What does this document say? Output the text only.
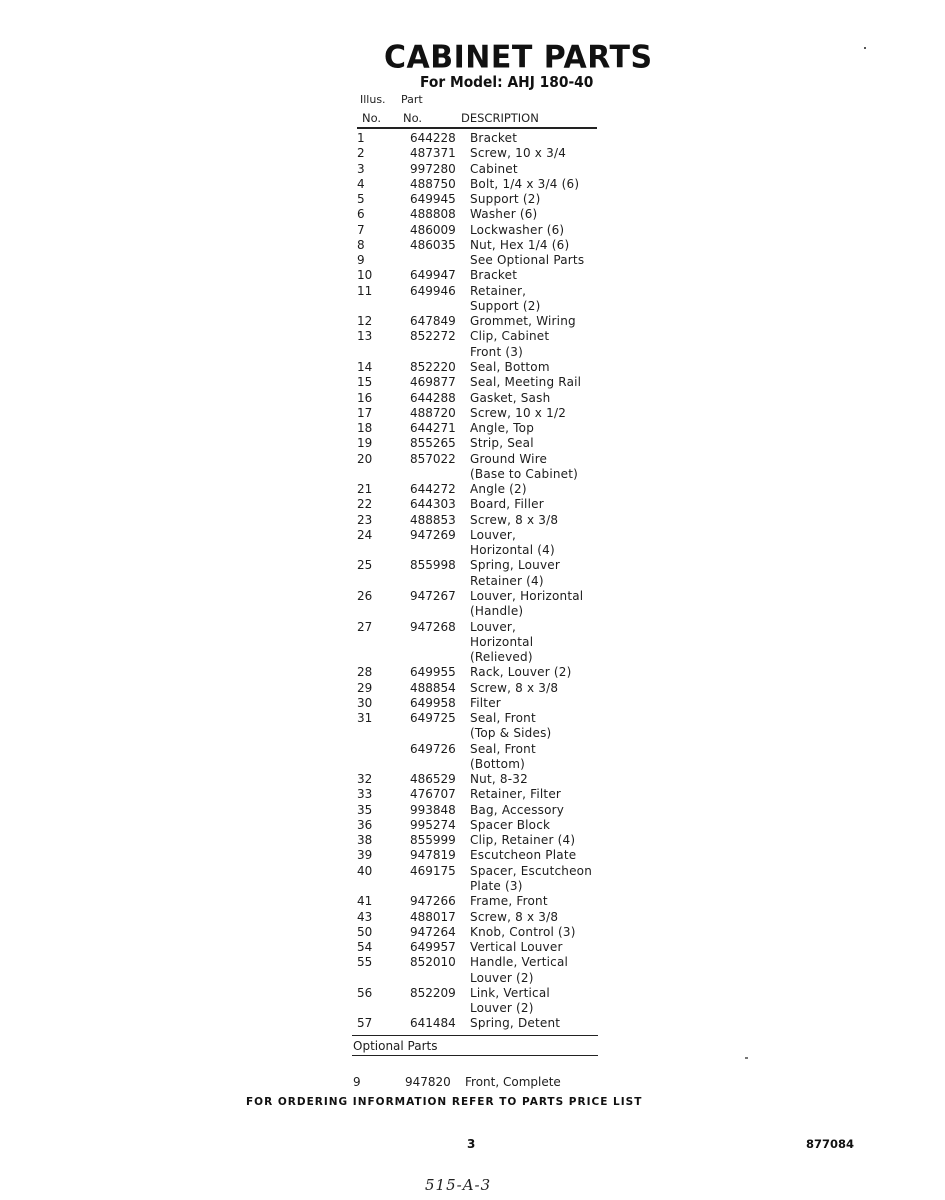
CABINET PARTS
For Model: AHJ 180-40
Illus. Part
No. No.	DESCRIPTION
1	644228 Bracket
2	487371 Screw, 10 x 3/4
3	997280 Cabinet
4	488750 Bolt, 1/4 x 3/4 (6)
5	649945 Support (2)
6	488808 Washer (6)
7	486009 Lockwasher (6)
8	486035 Nut, Hex 1/4 (6)
9	See Optional Parts
10	649947 Bracket
11	649946 Retainer,
Support (2)
12	647849 Grommet, Wiring
13	852272 Clip, Cabinet
Front (3)
14	852220 Seal, Bottom
15	469877 Seal, Meeting Rail
16	644288 Gasket, Sash
17	488720 Screw, 10 x 1/2
18	644271 Angle, Top
19	855265 Strip, Seal
20	857022 Ground Wire
(Base to Cabinet)
21	644272 Angle (2)
22	644303 Board, Filler
23	488853 Screw, 8 x 3/8
24	947269 Louver,
Horizontal (4)
25	855998 Spring, Louver
Retainer (4)
26	947267 Louver, Horizontal
(Handle)
27	947268 Louver,
Horizontal
(Relieved)
28	649955 Rack, Louver (2)
29	488854 Screw, 8 x 3/8
30	649958 Filter
31	649725 Seal, Front
(Top & Sides)
649726 Seal, Front
(Bottom)
32	486529 Nut, 8-32
33	476707 Retainer, Filter
35	993848 Bag, Accessory
36	995274 Spacer Block
38	855999 Clip, Retainer (4)
39	947819 Escutcheon Plate
40	469175 Spacer, Escutcheon
Plate (3)
41	947266 Frame, Front
43	488017 Screw, 8 x 3/8
50	947264 Knob, Control (3)
54	649957 Vertical Louver
55	852010 Handle, Vertical
Louver (2)
56	852209 Link, Vertical
Louver (2)
57	641484 Spring, Detent
Optional Parts
9	947820 Front, Complete
FOR ORDERING INFORMATION REFER TO PARTS PRICE LIST
3	877084
515-A-3
